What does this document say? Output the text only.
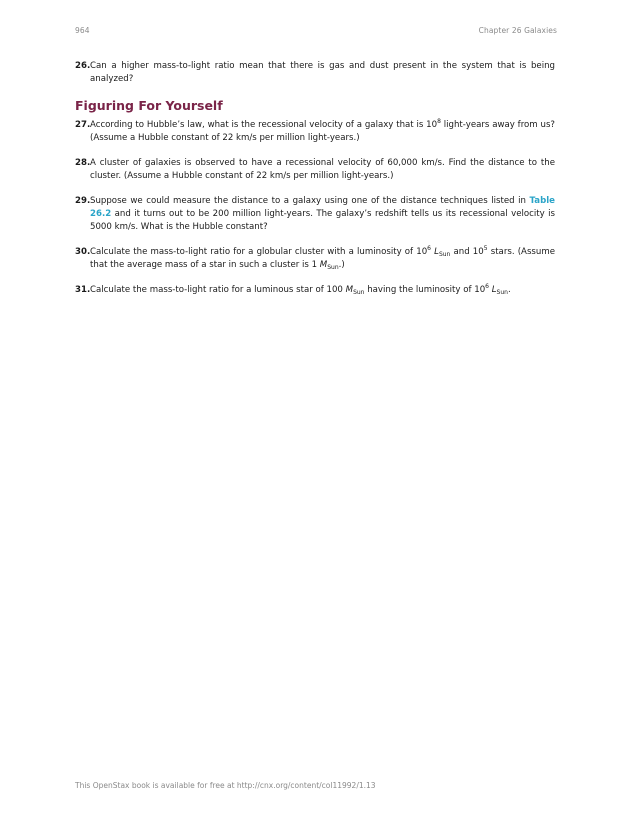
964	Chapter 26 Galaxies
26. Can a higher mass-to-light ratio mean that there is gas and dust present in the system that is being analyzed?
Figuring For Yourself
27. According to Hubble’s law, what is the recessional velocity of a galaxy that is $10^8$ light-years away from us? (Assume a Hubble constant of 22 km/s per million light-years.)
28. A cluster of galaxies is observed to have a recessional velocity of 60,000 km/s. Find the distance to the cluster. (Assume a Hubble constant of 22 km/s per million light-years.)
29. Suppose we could measure the distance to a galaxy using one of the distance techniques listed in Table 26.2 and it turns out to be 200 million light-years. The galaxy’s redshift tells us its recessional velocity is 5000 km/s. What is the Hubble constant?
30. Calculate the mass-to-light ratio for a globular cluster with a luminosity of $10^6$ $L_{Sun}$ and $10^5$ stars. (Assume that the average mass of a star in such a cluster is 1 $M_{Sun}$.)
31. Calculate the mass-to-light ratio for a luminous star of 100 $M_{Sun}$ having the luminosity of $10^6$ $L_{Sun}$.
This OpenStax book is available for free at http://cnx.org/content/col11992/1.13
